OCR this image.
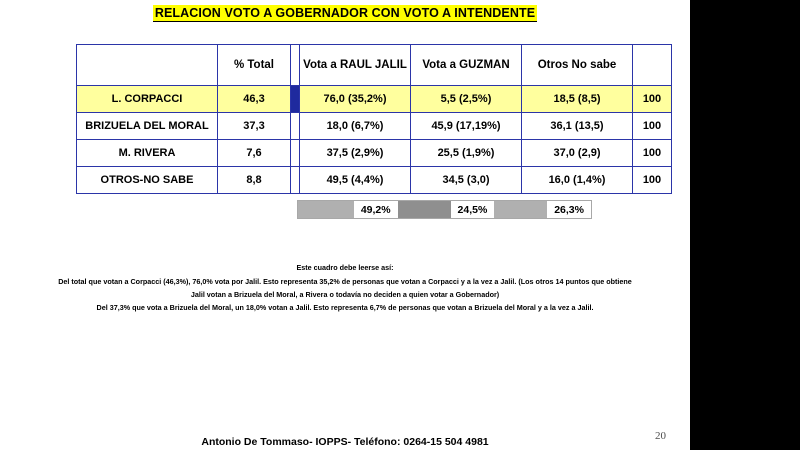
RELACION VOTO A GOBERNADOR CON VOTO A INTENDENTE
	% Total		Vota a RAUL JALIL	Vota a GUZMAN	Otros No sabe	
L. CORPACCI	46,3		76,0 (35,2%)	5,5 (2,5%)	18,5 (8,5)	100
BRIZUELA DEL MORAL	37,3		18,0 (6,7%)	45,9 (17,19%)	36,1 (13,5)	100
M. RIVERA	7,6		37,5 (2,9%)	25,5 (1,9%)	37,0 (2,9)	100
OTROS-NO SABE	8,8		49,5 (4,4%)	34,5 (3,0)	16,0 (1,4%)	100
49,2%	24,5%	26,3%
Este cuadro debe leerse así:
Del total que votan a Corpacci (46,3%), 76,0% vota por Jalil. Esto representa 35,2% de personas que votan a Corpacci y a la vez a Jalil. (Los otros 14 puntos que obtiene
Jalil votan a Brizuela del Moral, a Rivera o todavía no deciden a quien votar a Gobernador)
Del 37,3% que vota a Brizuela del Moral, un 18,0% votan a Jalil. Esto representa 6,7% de personas que votan a Brizuela del Moral y a la vez a Jalil.
Antonio De Tommaso- IOPPS- Teléfono: 0264-15 504 4981	20
